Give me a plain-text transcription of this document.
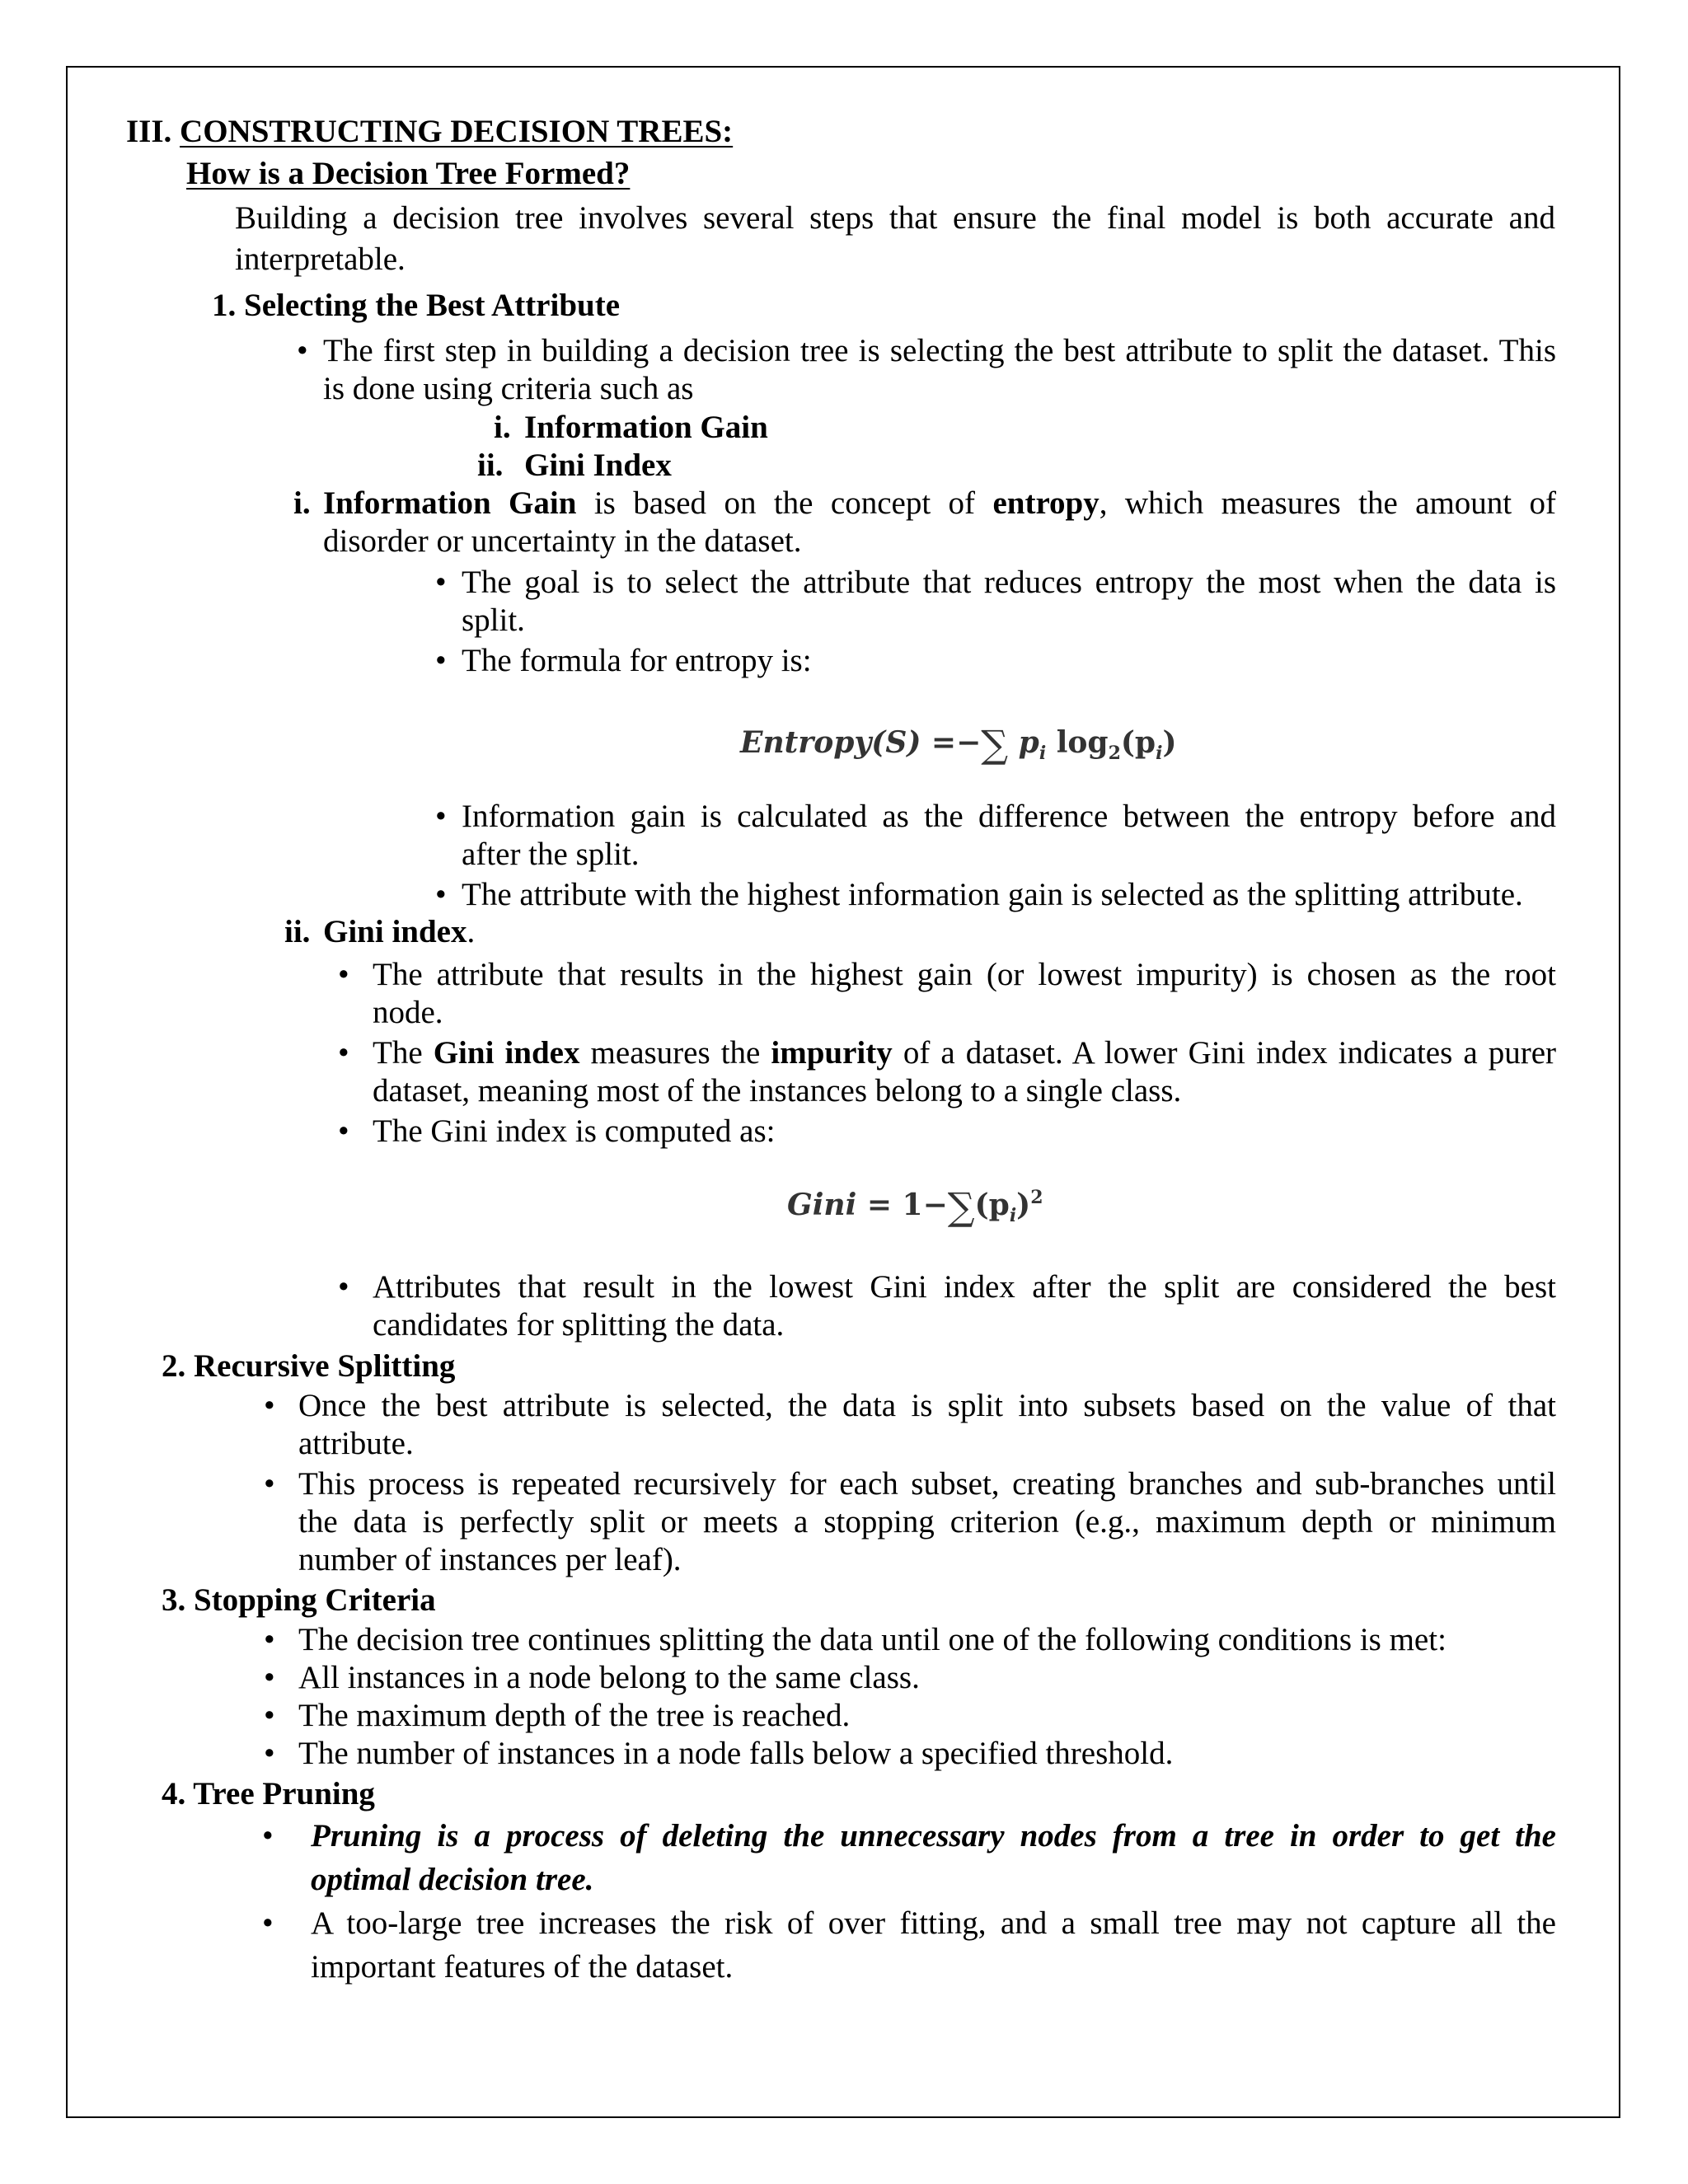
III. CONSTRUCTING DECISION TREES:
How is a Decision Tree Formed?
Building a decision tree involves several steps that ensure the final model is both accurate and
interpretable.
1. Selecting the Best Attribute
• The first step in building a decision tree is selecting the best attribute to split the dataset. This
is done using criteria such as
i. Information Gain
ii. Gini Index
i. Information Gain is based on the concept of entropy, which measures the amount of
disorder or uncertainty in the dataset.
• The goal is to select the attribute that reduces entropy the most when the data is
split.
• The formula for entropy is:
Entropy(S) =−∑ $p_i$ $\log_2(p_i)$
• Information gain is calculated as the difference between the entropy before and
after the split.
• The attribute with the highest information gain is selected as the splitting attribute.
ii. Gini index.
• The attribute that results in the highest gain (or lowest impurity) is chosen as the root
node.
• The Gini index measures the impurity of a dataset. A lower Gini index indicates a purer
dataset, meaning most of the instances belong to a single class.
• The Gini index is computed as:
Gini = $1-\sum(p_i)^2$
• Attributes that result in the lowest Gini index after the split are considered the best
candidates for splitting the data.
2. Recursive Splitting
• Once the best attribute is selected, the data is split into subsets based on the value of that
attribute.
• This process is repeated recursively for each subset, creating branches and sub-branches until
the data is perfectly split or meets a stopping criterion (e.g., maximum depth or minimum
number of instances per leaf).
3. Stopping Criteria
• The decision tree continues splitting the data until one of the following conditions is met:
• All instances in a node belong to the same class.
• The maximum depth of the tree is reached.
• The number of instances in a node falls below a specified threshold.
4. Tree Pruning
• Pruning is a process of deleting the unnecessary nodes from a tree in order to get the
optimal decision tree.
• A too-large tree increases the risk of over fitting, and a small tree may not capture all the
important features of the dataset.
